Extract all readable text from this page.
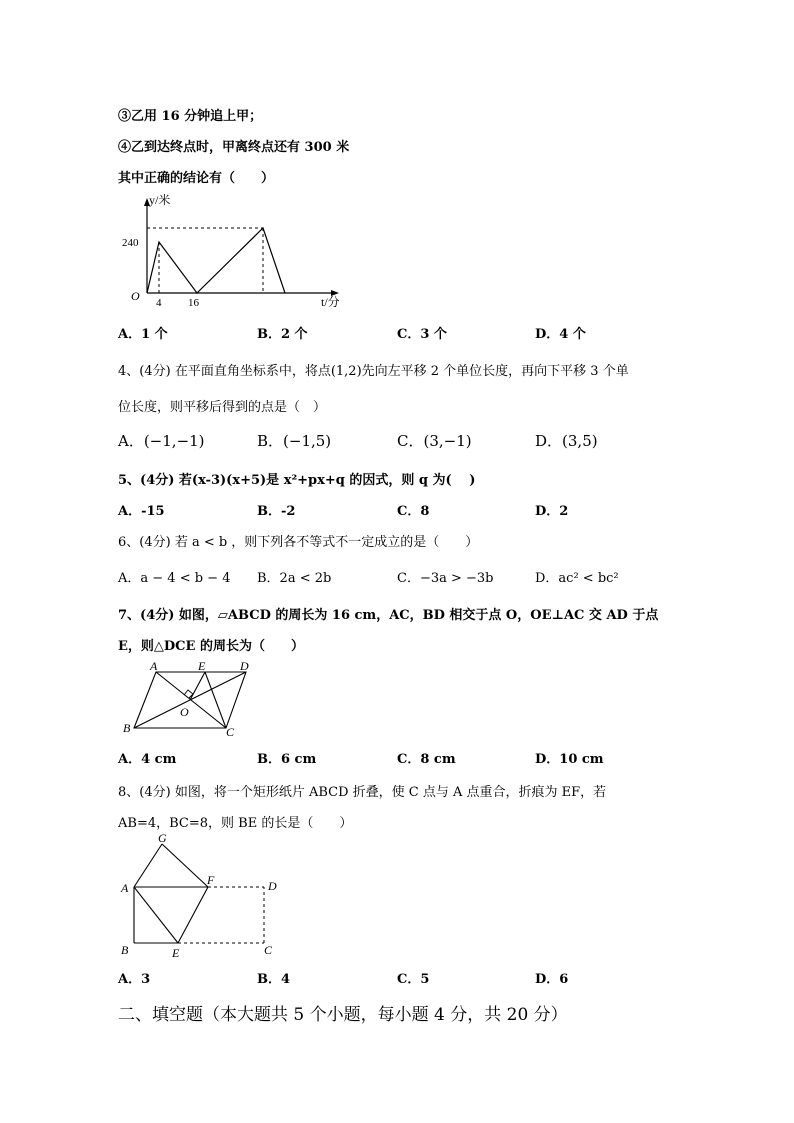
③乙用 16 分钟追上甲；
④乙到达终点时，甲离终点还有 300 米
其中正确的结论有（　　）
y/米
t/分
O
240
4 16
A．1 个	B．2 个	C．3 个	D．4 个
4、(4分) 在平面直角坐标系中，将点(1,2)先向左平移 2 个单位长度，再向下平移 3 个单
位长度，则平移后得到的点是（　）
A．(−1,−1)	B．(−1,5)	C．(3,−1)	D．(3,5)
5、(4分) 若(x-3)(x+5)是 x²+px+q 的因式，则 q 为(　 )
A．-15	B．-2	C．8	D．2
6、(4分) 若 a < b ，则下列各不等式不一定成立的是（　　）
A．a − 4 < b − 4 B．2a < 2b	C．−3a > −3b	D．ac² < bc²
7、(4分) 如图，▱ABCD 的周长为 16 cm，AC，BD 相交于点 O，OE⊥AC 交 AD 于点
E，则△DCE 的周长为（　　）
A	E	D
O
B	C
A．4 cm	B．6 cm	C．8 cm	D．10 cm
8、(4分) 如图，将一个矩形纸片 ABCD 折叠，使 C 点与 A 点重合，折痕为 EF，若
AB=4，BC=8，则 BE 的长是（　　）
G
A
F	D
B	E	C
A．3	B．4	C．5	D．6
二、填空题（本大题共 5 个小题，每小题 4 分，共 20 分）
